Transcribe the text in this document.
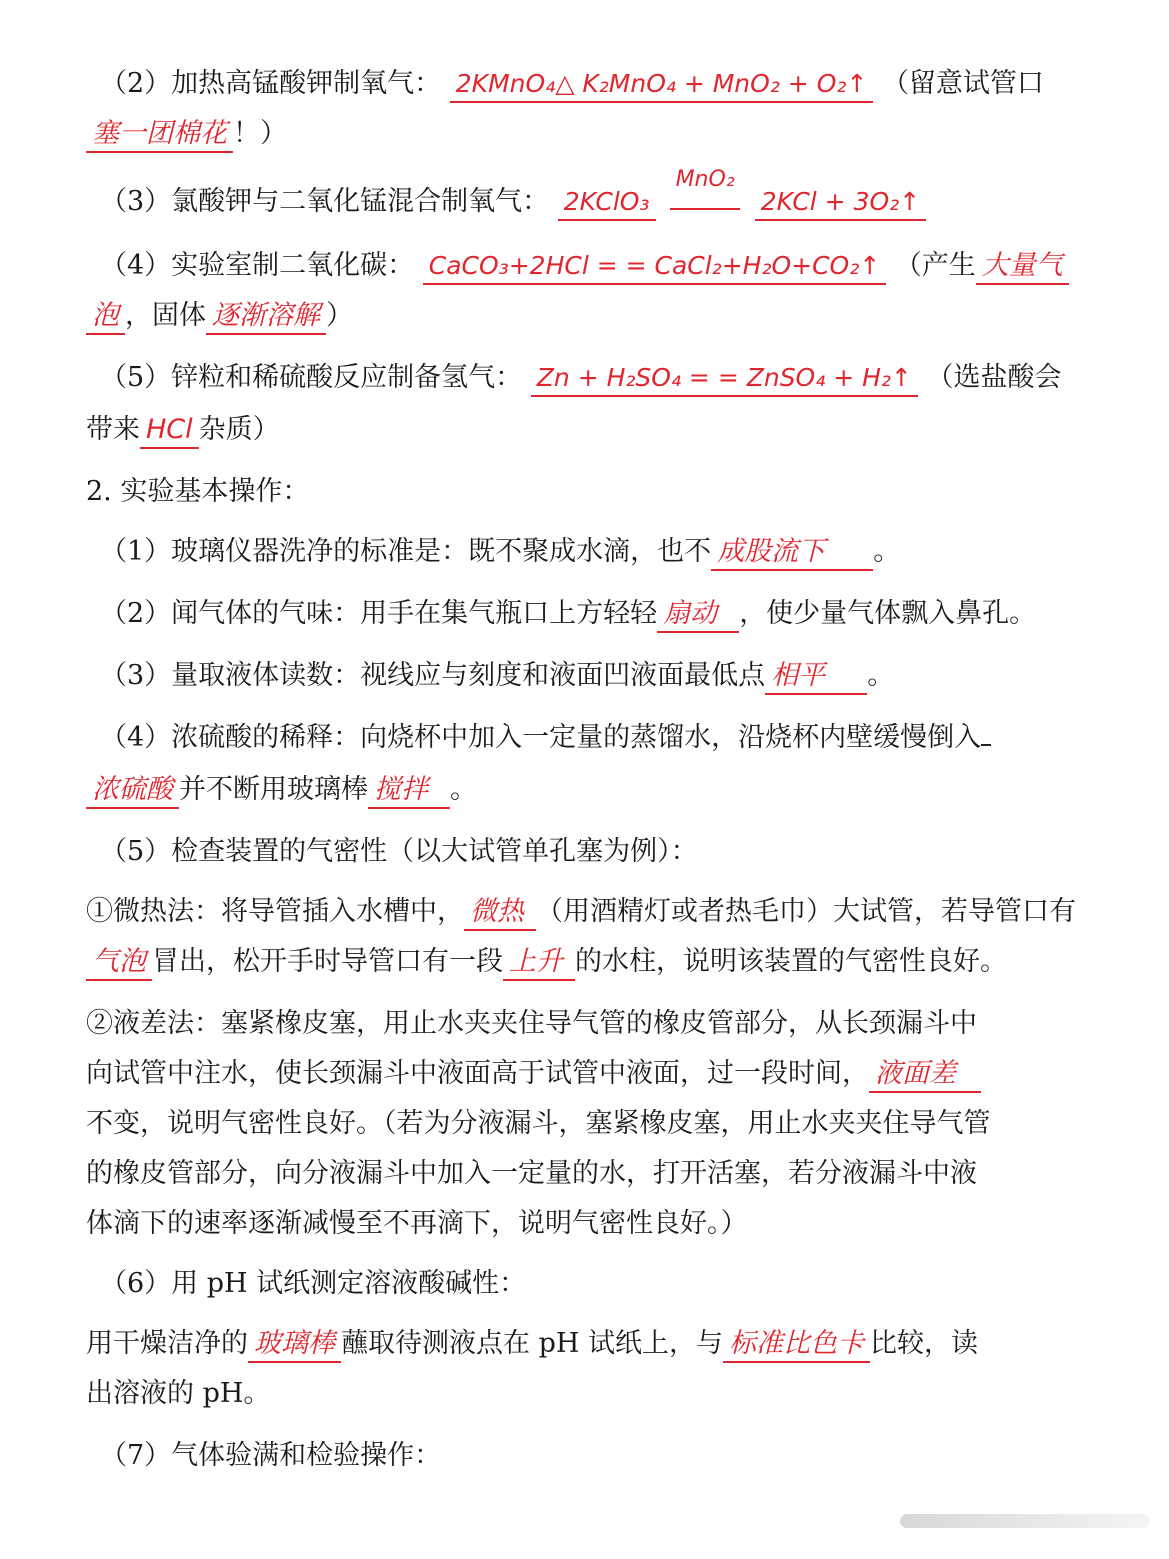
（2）加热高锰酸钾制氧气： 2KMnO₄△ K₂MnO₄ + MnO₂ + O₂↑ （留意试管口
塞一团棉花 ！）
（3）氯酸钾与二氧化锰混合制氧气： 2KClO₃
MnO₂
2KCl + 3O₂↑
（4）实验室制二氧化碳： CaCO₃+2HCl = = CaCl₂+H₂O+CO₂↑ （产生 大量气
泡 ，固体 逐渐溶解 ）
（5）锌粒和稀硫酸反应制备氢气： Zn + H₂SO₄ = = ZnSO₄ + H₂↑ （选盐酸会
带来 HCl 杂质）
2. 实验基本操作：
（1）玻璃仪器洗净的标准是：既不聚成水滴，也不 成股流下 。
（2）闻气体的气味：用手在集气瓶口上方轻轻 扇动 ，使少量气体飘入鼻孔。
（3）量取液体读数：视线应与刻度和液面凹液面最低点 相平 。
（4）浓硫酸的稀释：向烧杯中加入一定量的蒸馏水，沿烧杯内壁缓慢倒入
浓硫酸 并不断用玻璃棒 搅拌 。
（5）检查装置的气密性（以大试管单孔塞为例）：
①微热法：将导管插入水槽中， 微热 （用酒精灯或者热毛巾）大试管，若导管口有
气泡 冒出，松开手时导管口有一段 上升 的水柱，说明该装置的气密性良好。
②液差法：塞紧橡皮塞，用止水夹夹住导气管的橡皮管部分，从长颈漏斗中
向试管中注水，使长颈漏斗中液面高于试管中液面，过一段时间， 液面差
不变，说明气密性良好。（若为分液漏斗，塞紧橡皮塞，用止水夹夹住导气管
的橡皮管部分，向分液漏斗中加入一定量的水，打开活塞，若分液漏斗中液
体滴下的速率逐渐减慢至不再滴下，说明气密性良好。）
（6）用 pH 试纸测定溶液酸碱性：
用干燥洁净的 玻璃棒 蘸取待测液点在 pH 试纸上，与 标准比色卡 比较，读
出溶液的 pH。
（7）气体验满和检验操作：
